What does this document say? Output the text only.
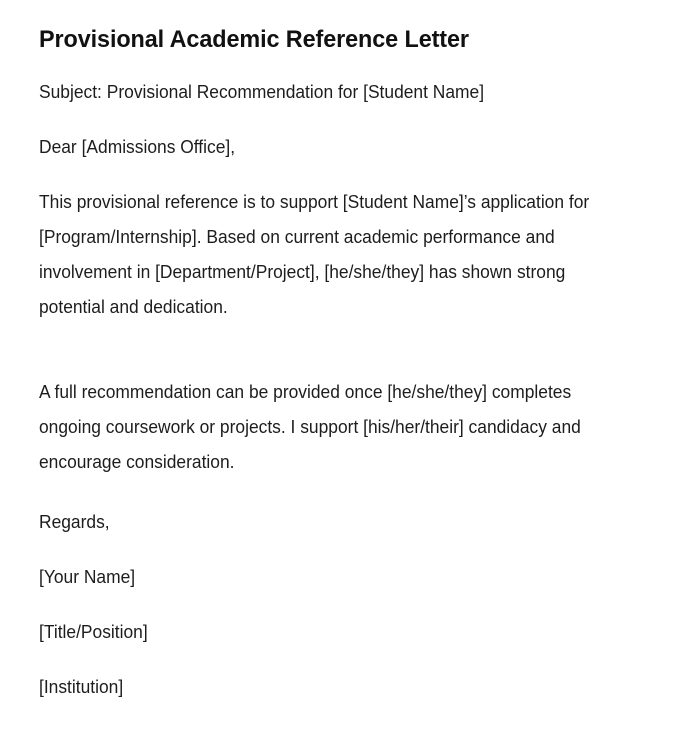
Provisional Academic Reference Letter

Subject: Provisional Recommendation for [Student Name]

Dear [Admissions Office],

This provisional reference is to support [Student Name]’s application for [Program/Internship]. Based on current academic performance and involvement in [Department/Project], [he/she/they] has shown strong potential and dedication.

A full recommendation can be provided once [he/she/they] completes ongoing coursework or projects. I support [his/her/their] candidacy and encourage consideration.

Regards,

[Your Name]

[Title/Position]

[Institution]
